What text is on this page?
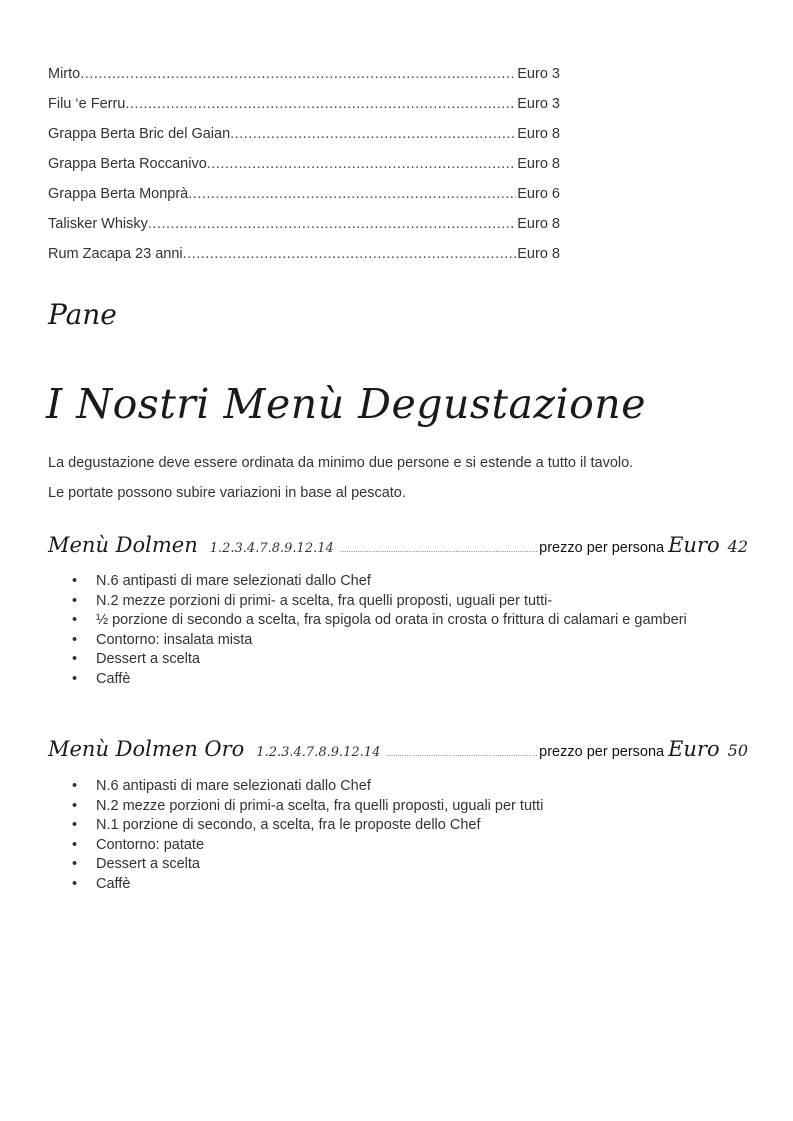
Mirto .....	Euro 3
Filu ‘e Ferru .....	Euro 3
Grappa Berta Bric del Gaian .....	Euro 8
Grappa Berta Roccanivo .....	Euro 8
Grappa Berta Monprà .....	Euro 6
Talisker Whisky .....	Euro 8
Rum Zacapa 23 anni .....	Euro 8
Pane
I Nostri Menù Degustazione
La degustazione deve essere ordinata da minimo due persone e si estende a tutto il tavolo.
Le portate possono subire variazioni in base al pescato.
Menù Dolmen 1.2.3.4.7.8.9.12.14 .....	prezzo per persona Euro 42
• N.6 antipasti di mare selezionati dallo Chef
• N.2 mezze porzioni di primi- a scelta, fra quelli proposti, uguali per tutti-
• ½ porzione di secondo a scelta, fra spigola od orata in crosta o frittura di calamari e gamberi
• Contorno: insalata mista
• Dessert a scelta
• Caffè
Menù Dolmen Oro 1.2.3.4.7.8.9.12.14 .....	prezzo per persona Euro 50
• N.6 antipasti di mare selezionati dallo Chef
• N.2 mezze porzioni di primi-a scelta, fra quelli proposti, uguali per tutti
• N.1 porzione di secondo, a scelta, fra le proposte dello Chef
• Contorno: patate
• Dessert a scelta
• Caffè
